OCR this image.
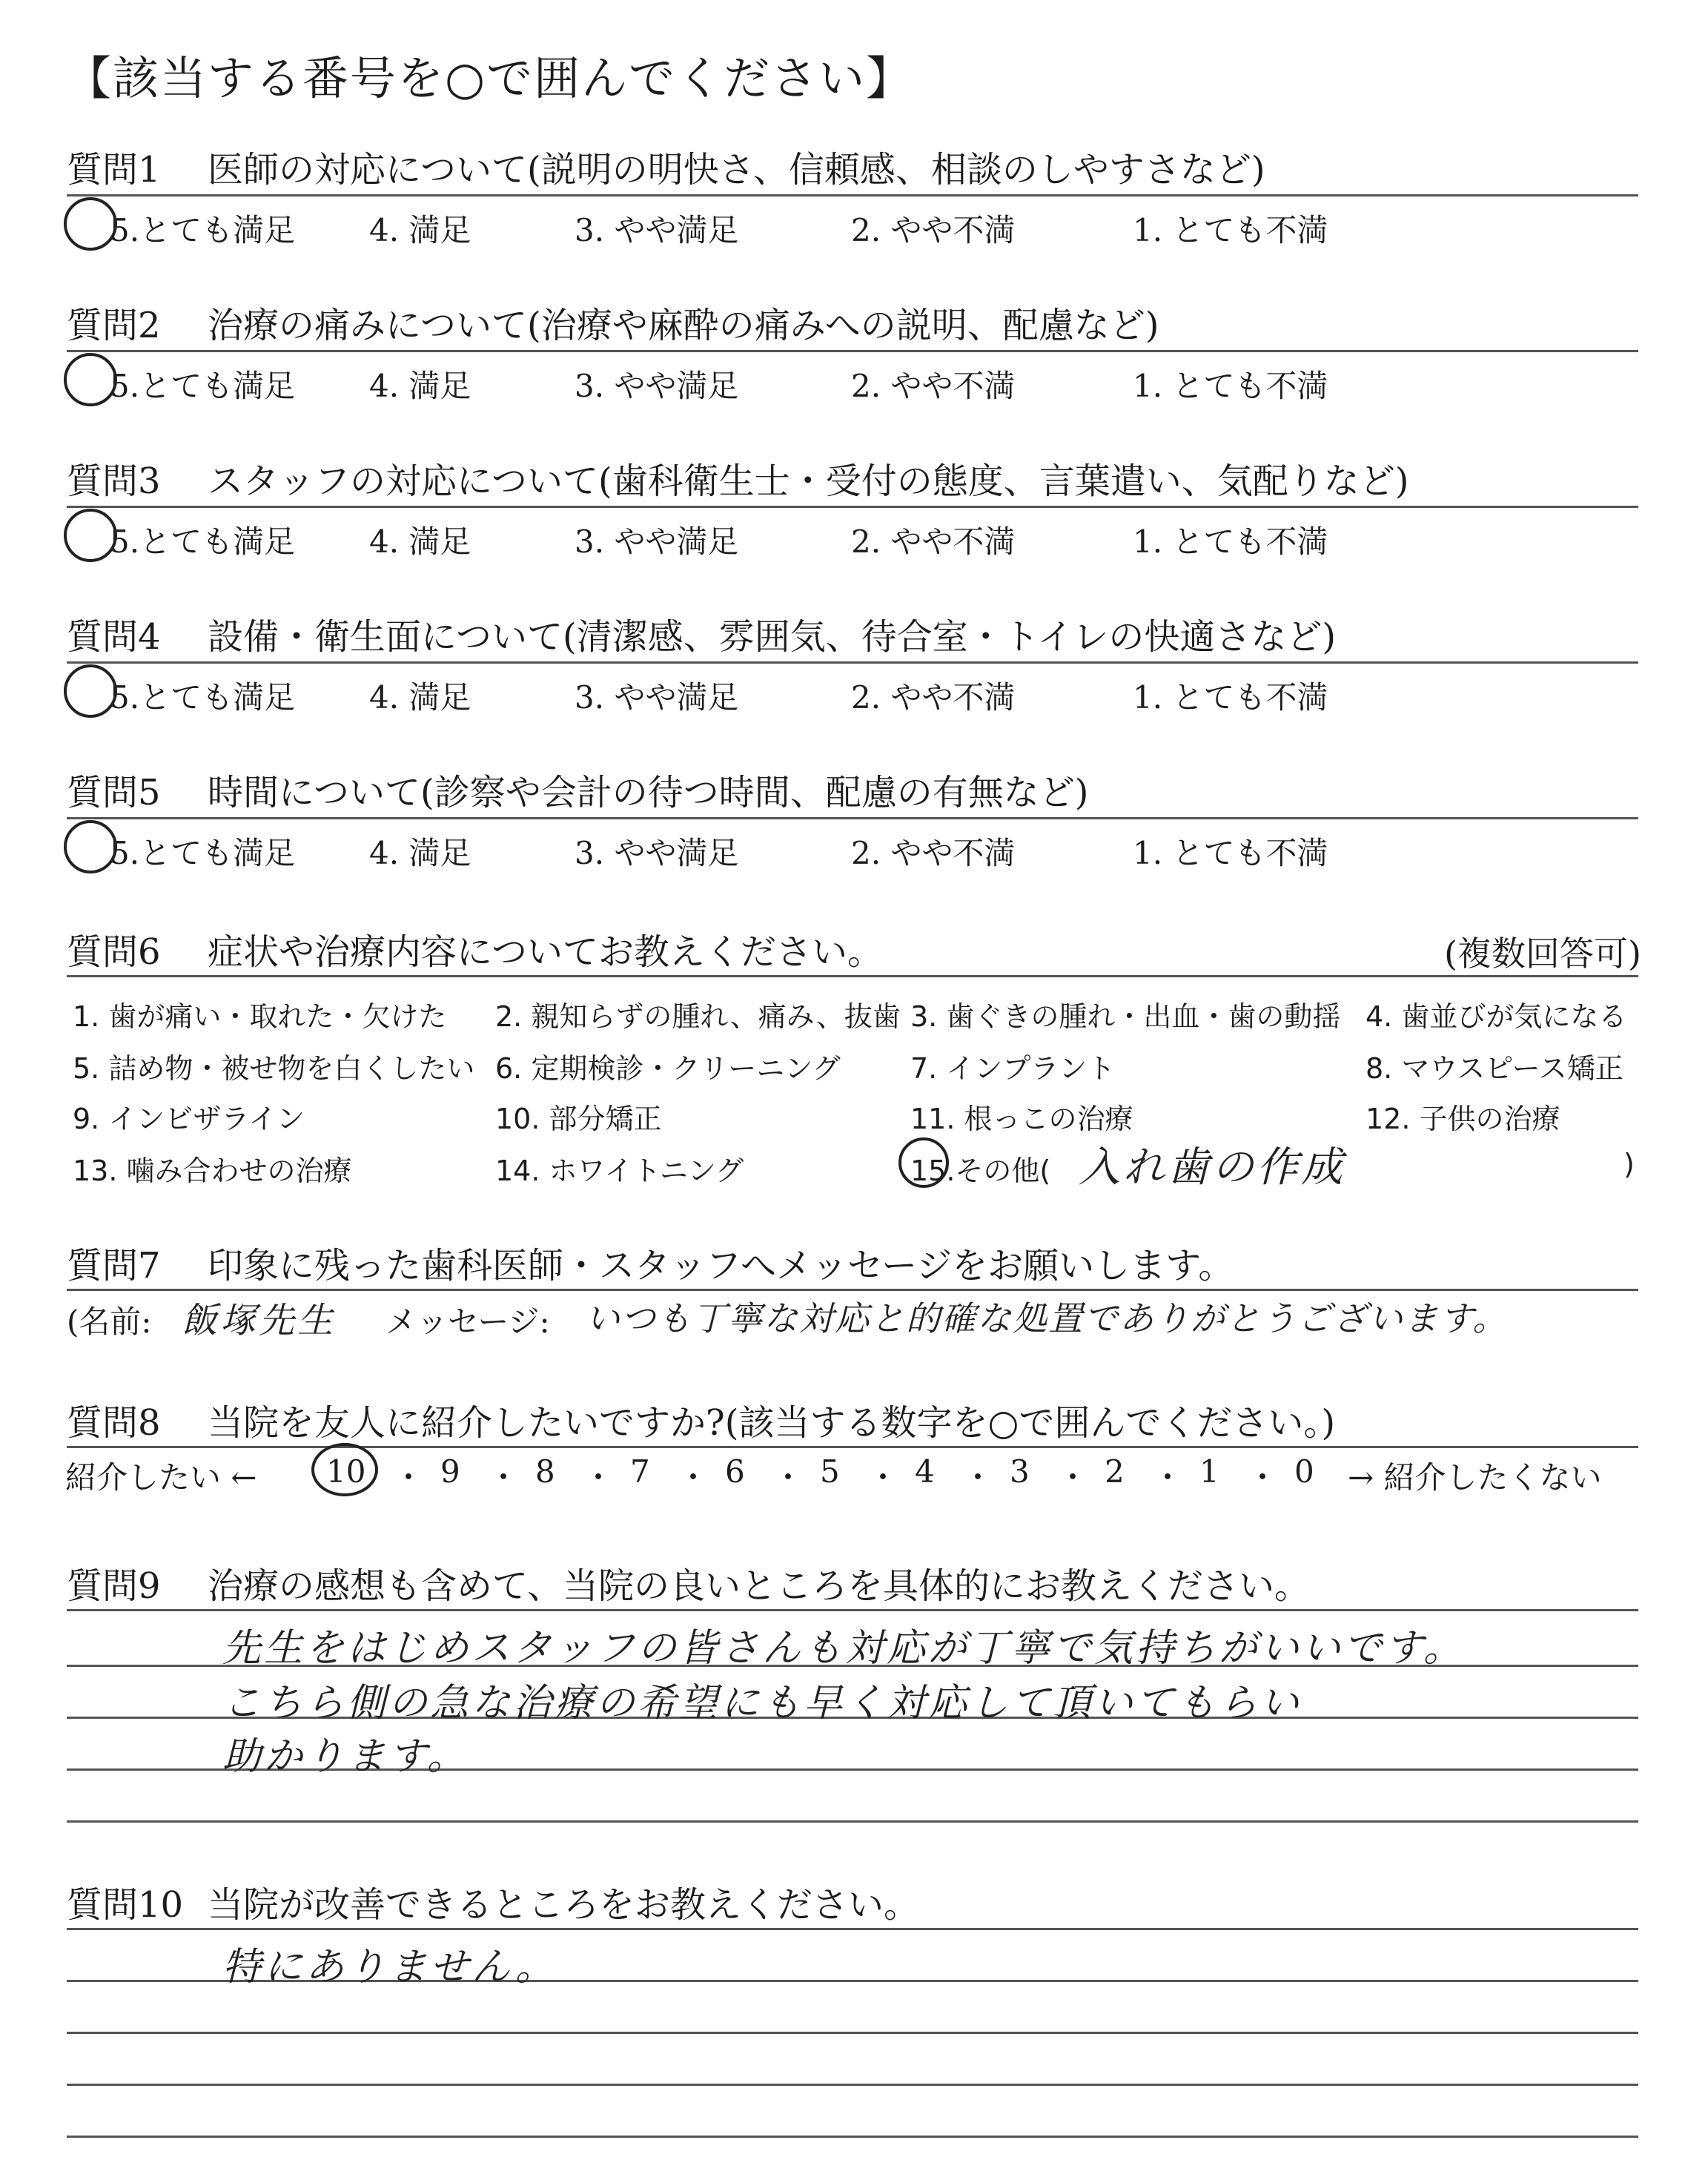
【該当する番号を○で囲んでください】
質問1 医師の対応について(説明の明快さ、信頼感、相談のしやすさなど)
5.とても満足 4. 満足	3. やや満足	2. やや不満	1. とても不満
質問2 治療の痛みについて(治療や麻酔の痛みへの説明、配慮など)
5.とても満足 4. 満足	3. やや満足	2. やや不満	1. とても不満
質問3 スタッフの対応について(歯科衛生士・受付の態度、言葉遣い、気配りなど)
5.とても満足 4. 満足	3. やや満足	2. やや不満	1. とても不満
質問4 設備・衛生面について(清潔感、雰囲気、待合室・トイレの快適さなど)
5.とても満足 4. 満足	3. やや満足	2. やや不満	1. とても不満
質問5 時間について(診察や会計の待つ時間、配慮の有無など)
5.とても満足 4. 満足	3. やや満足	2. やや不満	1. とても不満
質問6 症状や治療内容についてお教えください。	(複数回答可)
1. 歯が痛い・取れた・欠けた 2. 親知らずの腫れ、痛み、抜歯 3. 歯ぐきの腫れ・出血・歯の動揺 4. 歯並びが気になる
5. 詰め物・被せ物を白くしたい 6. 定期検診・クリーニング 7. インプラント	8. マウスピース矯正
9. インビザライン	10. 部分矯正	11. 根っこの治療	12. 子供の治療
13. 噛み合わせの治療	14. ホワイトニング	15.その他( 入れ歯の作成	)
質問7 印象に残った歯科医師・スタッフへメッセージをお願いします。
(名前: 飯塚先生 メッセージ: いつも丁寧な対応と的確な処置でありがとうございます。
質問8 当院を友人に紹介したいですか?(該当する数字を○で囲んでください。)
紹介したい ← 10 ・ 9 ・ 8 ・ 7 ・ 6 ・ 5 ・ 4 ・ 3 ・ 2 ・ 1 ・ 0 → 紹介したくない
質問9 治療の感想も含めて、当院の良いところを具体的にお教えください。
先生をはじめスタッフの皆さんも対応が丁寧で気持ちがいいです。
こちら側の急な治療の希望にも早く対応して頂いてもらい
助かります。
質問10 当院が改善できるところをお教えください。
特にありません。
